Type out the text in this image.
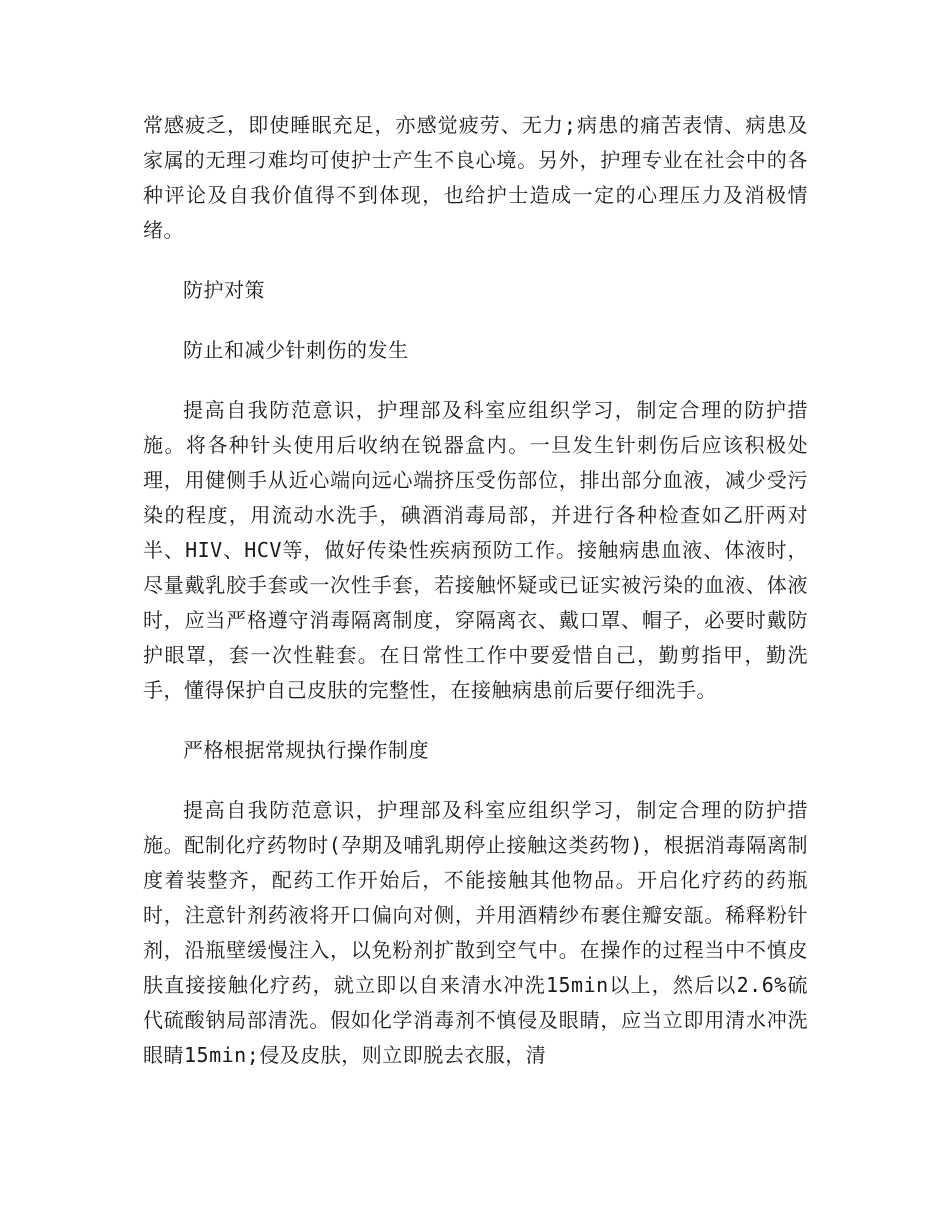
常感疲乏，即使睡眠充足，亦感觉疲劳、无力;病患的痛苦表情、病患及家属的无理刁难均可使护士产生不良心境。另外，护理专业在社会中的各种评论及自我价值得不到体现，也给护士造成一定的心理压力及消极情绪。

防护对策

防止和减少针刺伤的发生

提高自我防范意识，护理部及科室应组织学习，制定合理的防护措施。将各种针头使用后收纳在锐器盒内。一旦发生针刺伤后应该积极处理，用健侧手从近心端向远心端挤压受伤部位，排出部分血液，减少受污染的程度，用流动水洗手，碘酒消毒局部，并进行各种检查如乙肝两对半、HIV、HCV等，做好传染性疾病预防工作。接触病患血液、体液时，尽量戴乳胶手套或一次性手套，若接触怀疑或已证实被污染的血液、体液时，应当严格遵守消毒隔离制度，穿隔离衣、戴口罩、帽子，必要时戴防护眼罩，套一次性鞋套。在日常性工作中要爱惜自己，勤剪指甲，勤洗手，懂得保护自己皮肤的完整性，在接触病患前后要仔细洗手。

严格根据常规执行操作制度

提高自我防范意识，护理部及科室应组织学习，制定合理的防护措施。配制化疗药物时(孕期及哺乳期停止接触这类药物)，根据消毒隔离制度着装整齐，配药工作开始后，不能接触其他物品。开启化疗药的药瓶时，注意针剂药液将开口偏向对侧，并用酒精纱布裹住瓣安瓿。稀释粉针剂，沿瓶壁缓慢注入，以免粉剂扩散到空气中。在操作的过程当中不慎皮肤直接接触化疗药，就立即以自来清水冲洗15min以上，然后以2.6%硫代硫酸钠局部清洗。假如化学消毒剂不慎侵及眼睛，应当立即用清水冲洗眼睛15min;侵及皮肤，则立即脱去衣服，清
